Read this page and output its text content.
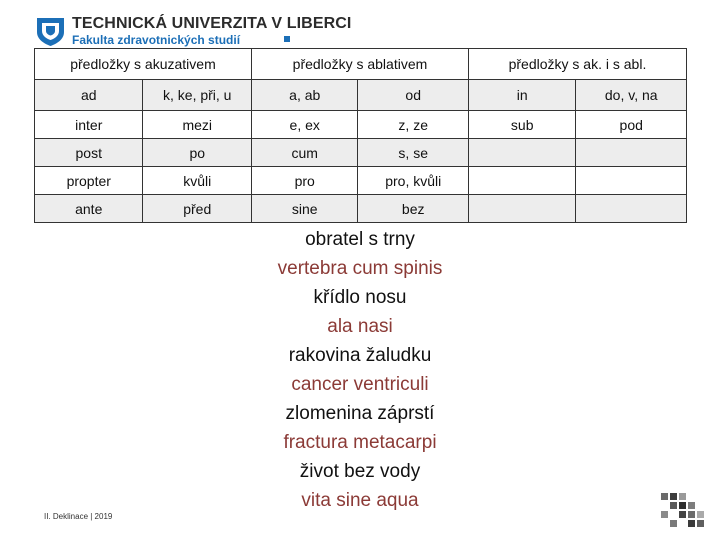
TECHNICKÁ UNIVERZITA V LIBERCI
Fakulta zdravotnických studií
předložky s akuzativem		předložky s ablativem		předložky s ak. i s abl.	
ad	k, ke, při, u	a, ab	od	in	do, v, na
inter	mezi	e, ex	z, ze	sub	pod
post	po	cum	s, se		
propter	kvůli	pro	pro, kvůli		
ante	před	sine	bez		
obratel s trny
vertebra cum spinis
křídlo nosu
ala nasi
rakovina žaludku
cancer ventriculi
zlomenina záprstí
fractura metacarpi
život bez vody
vita sine aqua
II. Deklinace | 2019
